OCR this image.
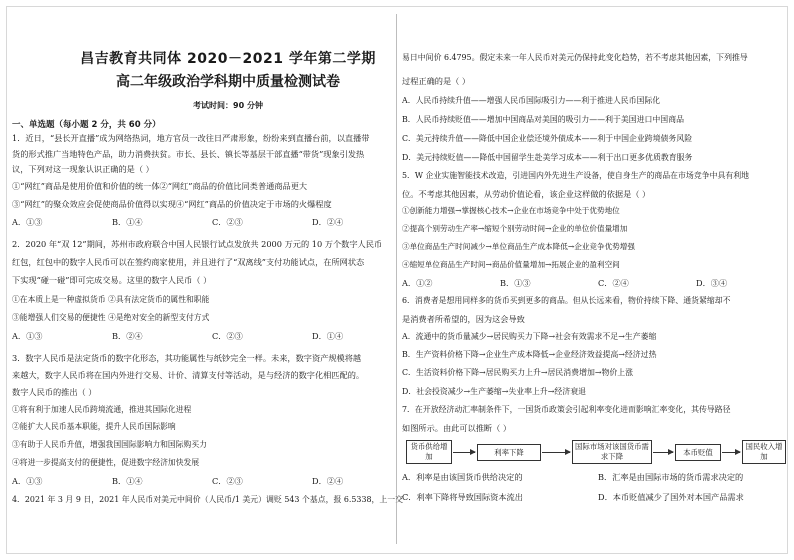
昌吉教育共同体 2020－2021 学年第二学期
高二年级政治学科期中质量检测试卷
考试时间：90 分钟
一、单选题（每小题 2 分，共 60 分）
1．近日，“县长开直播”成为网络热词，地方官员一改往日严肃形象，纷纷来到直播台前，以直播带
货的形式推广当地特色产品，助力消费扶贫。市长、县长、镇长等基层干部直播“带货”现象引发热
议，下列对这一现象认识正确的是（ ）
①“网红”商品是使用价值和价值的统一体②“网红”商品的价值比同类普通商品更大
③“网红”的聚众效应会促使商品价值得以实现④“网红”商品的价值决定于市场的火爆程度
A．①③	B．①④	C．②③	D．②④
2．2020 年“双 12”期间，苏州市政府联合中国人民银行试点发放共 2000 万元的 10 万个数字人民币
红包，红包中的数字人民币可以在签约商家使用，并且进行了“双离线”支付功能试点，在所网状态
下实现“碰一碰”即可完成交易。这里的数字人民币（ ）
①在本质上是一种虚拟货币 ②具有法定货币的属性和职能
③能增强人们交易的便捷性 ④是绝对安全的新型支付方式
A．①③	B．②④	C．②③	D．①④
3．数字人民币是法定货币的数字化形态，其功能属性与纸钞完全一样。未来，数字资产规模将越
来越大，数字人民币将在国内外进行交易、计价、清算支付等活动，是与经济的数字化相匹配的。
数字人民币的推出（ ）
①将有利于加速人民币跨境流通，推进其国际化进程
②能扩大人民币基本职能，提升人民币国际影响
③有助于人民币升值，增强我国国际影响力和国际购买力
④将进一步提高支付的便捷性，促进数字经济加快发展
A．①③	B．①④	C．②③	D．②④
4．2021 年 3 月 9 日，2021 年人民币对美元中间价（人民币/1 美元）调贬 543 个基点，报 6.5338，上一交
易日中间价 6.4795。假定未来一年人民币对美元仍保持此变化趋势，若不考虑其他因素，下列推导
过程正确的是（ ）
A．人民币持续升值——增强人民币国际吸引力——利于推进人民币国际化
B．人民币持续贬值——增加中国商品对美国的吸引力——利于美国进口中国商品
C．美元持续升值——降低中国企业偿还境外债成本——利于中国企业跨境债务风险
D．美元持续贬值——降低中国留学生赴美学习成本——利于出口更多优质教育服务
5．W 企业实施智能技术改造，引进国内外先进生产设备，使自身生产的商品在市场竞争中具有利地
位。不考虑其他因素，从劳动价值论看，该企业这样做的依据是（ ）
①创新能力增强→掌握核心技术→企业在市场竞争中处于优势地位
②提高个别劳动生产率→缩短个别劳动时间→企业的单位价值量增加
③单位商品生产时间减少→单位商品生产成本降低→企业竞争优势增强
④缩短单位商品生产时间→商品价值量增加→拓展企业的盈利空间
A．①②	B．①③	C．②④	D．③④
6．消费者是想用同样多的货币买到更多的商品。但从长远来看，物价持续下降、通货紧缩却不
是消费者所希望的，因为这会导致
A．流通中的货币量减少→居民购买力下降→社会有效需求不足→生产萎缩
B．生产资料价格下降→企业生产成本降低→企业经济效益提高→经济过热
C．生活资料价格下降→居民购买力上升→居民消费增加→物价上涨
D．社会投资减少→生产萎缩→失业率上升→经济衰退
7．在开放经济动汇率制条件下，一国货币政策会引起利率变化进而影响汇率变化，其传导路径
如图所示。由此可以推断（ ）
货币供给增加	利率下降
国际市场对该国货币需求下降	本币贬值
国民收入增加
A．利率是由该国货币供给决定的	B．汇率是由国际市场的货币需求决定的
C．利率下降将导致国际资本流出	D．本币贬值减少了国外对本国产品需求
